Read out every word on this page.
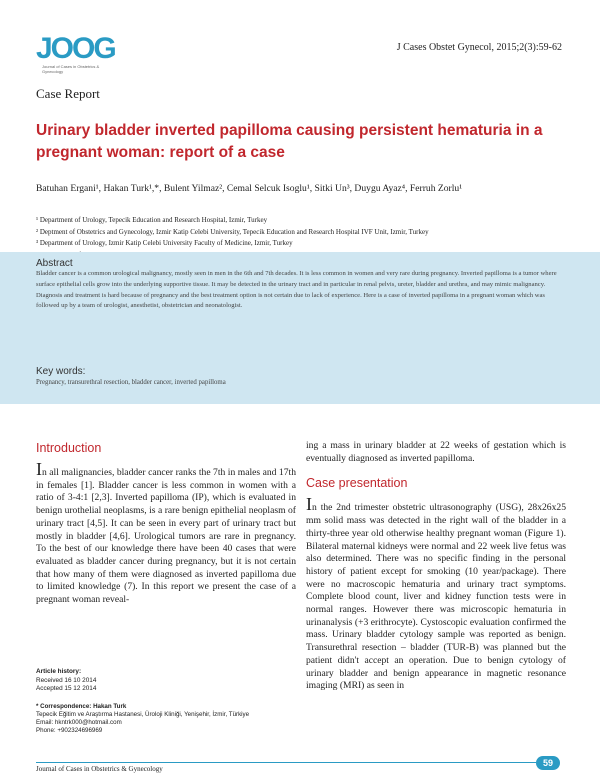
JOOG
Journal of Cases in Obstetrics & Gynecology
J Cases Obstet Gynecol, 2015;2(3):59-62
Case Report
Urinary bladder inverted papilloma causing persistent hematuria in a pregnant woman: report of a case
Batuhan Ergani¹, Hakan Turk¹,*, Bulent Yilmaz², Cemal Selcuk Isoglu¹, Sitki Un³, Duygu Ayaz⁴, Ferruh Zorlu¹
¹ Department of Urology, Tepecik Education and Research Hospital, Izmir, Turkey
² Deptment of Obstetrics and Gynecology, Izmir Katip Celebi University, Tepecik Education and Research Hospital IVF Unit, Izmir, Turkey
³ Department of Urology, Izmir Katip Celebi University Faculty of Medicine, Izmir, Turkey
Abstract
Bladder cancer is a common urological malignancy, mostly seen in men in the 6th and 7th decades. It is less common in women and very rare during pregnancy. Inverted papilloma is a tumor where surface epithelial cells grow into the underlying supportive tissue. It may be detected in the urinary tract and in particular in renal pelvis, ureter, bladder and urethra, and may mimic malignancy. Diagnosis and treatment is hard because of pregnancy and the best treatment option is not certain due to lack of experience. Here is a case of inverted papilloma in a pregnant woman which was followed up by a team of urologist, anesthetist, obstetrician and neonatologist.
Key words:
Pregnancy, transurethral resection, bladder cancer, inverted papilloma
Introduction

In all malignancies, bladder cancer ranks the 7th in males and 17th in females [1]. Bladder cancer is less common in women with a ratio of 3-4:1 [2,3]. Inverted papilloma (IP), which is evaluated in benign urothelial neoplasms, is a rare benign epithelial neoplasm of urinary tract [4,5]. It can be seen in every part of urinary tract but mostly in bladder [4,6]. Urological tumors are rare in pregnancy. To the best of our knowledge there have been 40 cases that were evaluated as bladder cancer during pregnancy, but it is not certain that how many of them were diagnosed as inverted papilloma due to limited knowledge (7). In this report we present the case of a pregnant woman reveal-

ing a mass in urinary bladder at 22 weeks of gestation which is eventually diagnosed as inverted papilloma.

Case presentation

In the 2nd trimester obstetric ultrasonography (USG), 28x26x25 mm solid mass was detected in the right wall of the bladder in a thirty-three year old otherwise healthy pregnant woman (Figure 1). Bilateral maternal kidneys were normal and 22 week live fetus was also determined. There was no specific finding in the personal history of patient except for smoking (10 year/package). There were no macroscopic hematuria and urinary tract symptoms. Complete blood count, liver and kidney function tests were in normal ranges. However there was microscopic hematuria in urinanalysis (+3 erithrocyte). Cystoscopic evaluation confirmed the mass. Urinary bladder cytology sample was reported as benign. Transurethral resection – bladder (TUR-B) was planned but the patient didn't accept an operation. Due to benign cytology of urinary bladder and benign appearance in magnetic resonance imaging (MRI) as seen in

Article history:
Received 16 10 2014
Accepted 15 12 2014
* Correspondence: Hakan Turk
Tepecik Eğitim ve Araştırma Hastanesi, Üroloji Kliniği, Yenişehir, İzmir, Türkiye
Email: hkntrk000@hotmail.com
Phone: +902324696969
Journal of Cases in Obstetrics & Gynecology
59
